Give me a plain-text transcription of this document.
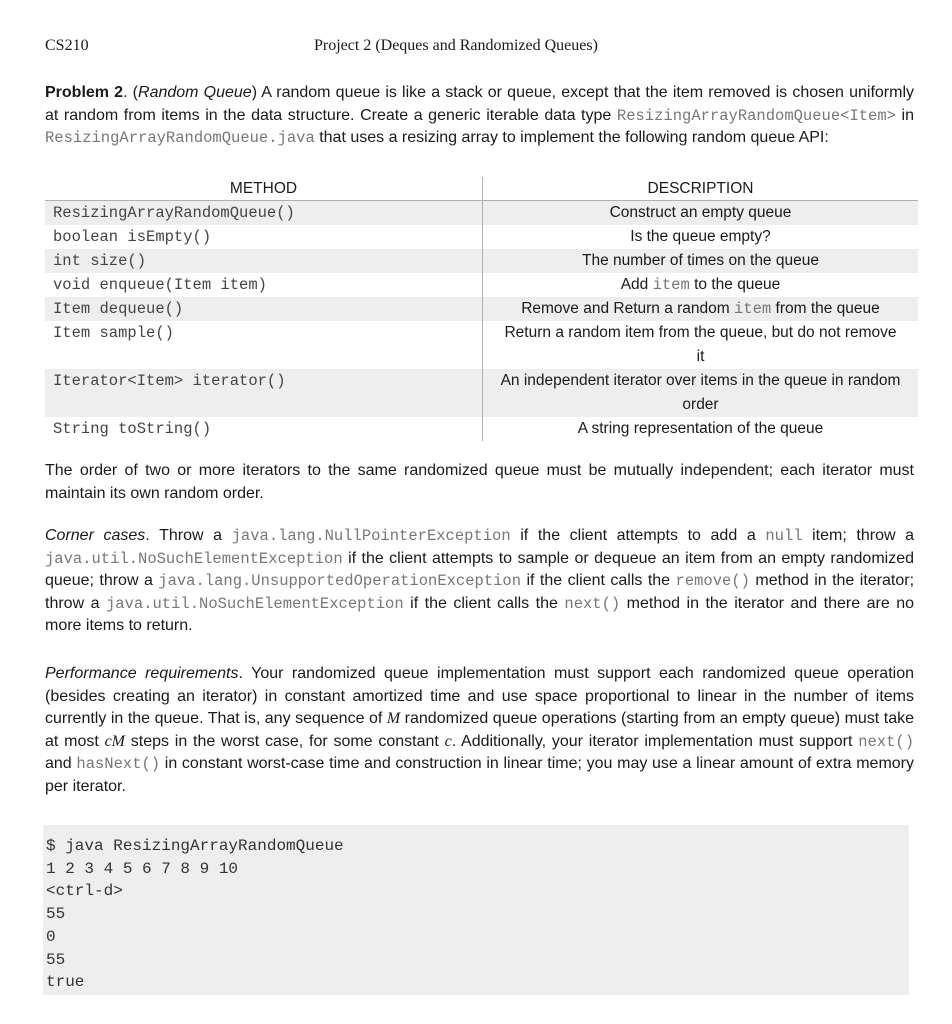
CS210	Project 2 (Deques and Randomized Queues)

Problem 2. (Random Queue) A random queue is like a stack or queue, except that the item removed is chosen uniformly at random from items in the data structure. Create a generic iterable data type ResizingArrayRandomQueue<Item> in ResizingArrayRandomQueue.java that uses a resizing array to implement the following random queue API:

METHOD	DESCRIPTION
ResizingArrayRandomQueue()	Construct an empty queue
boolean isEmpty()	Is the queue empty?
int size()	The number of times on the queue
void enqueue(Item item)	Add item to the queue
Item dequeue()	Remove and Return a random item from the queue
Item sample()	Return a random item from the queue, but do not remove it
Iterator<Item> iterator()	An independent iterator over items in the queue in random order
String toString()	A string representation of the queue

The order of two or more iterators to the same randomized queue must be mutually independent; each iterator must maintain its own random order.

Corner cases. Throw a java.lang.NullPointerException if the client attempts to add a null item; throw a java.util.NoSuchElementException if the client attempts to sample or dequeue an item from an empty randomized queue; throw a java.lang.UnsupportedOperationException if the client calls the remove() method in the iterator; throw a java.util.NoSuchElementException if the client calls the next() method in the iterator and there are no more items to return.

Performance requirements. Your randomized queue implementation must support each randomized queue operation (besides creating an iterator) in constant amortized time and use space proportional to linear in the number of items currently in the queue. That is, any sequence of M randomized queue operations (starting from an empty queue) must take at most cM steps in the worst case, for some constant c. Additionally, your iterator implementation must support next() and hasNext() in constant worst-case time and construction in linear time; you may use a linear amount of extra memory per iterator.

$ java ResizingArrayRandomQueue
1 2 3 4 5 6 7 8 9 10
<ctrl-d>
55
0
55
true
